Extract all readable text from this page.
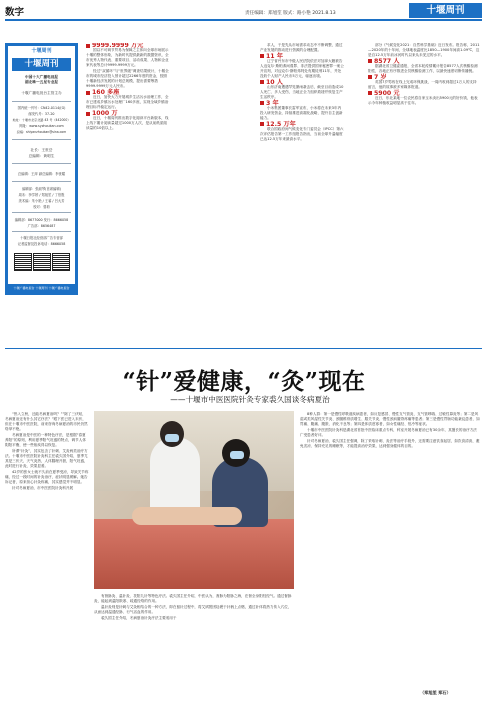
数字	责任编辑：郑旭笙 版式：路小艳 2021.8.13	十堰周刊
十堰周刊
十堰周刊
中国十大广播电视报
湖北唯一五星专业报
十堰广播电视台主管主办
国内统一刊号：CN42-0114/(G)
邮发代号：37-20
地址：十堰市北京北路 43 号（442000）
网址：www.syzhoukan.com
投稿：shiyanzhoukan@sina.com
社长：王世岳
总编辑：黄明生
总编辑：王萍 副总编辑：李世耀
编辑部：张淑琴(首席编辑)
周末：李学婷 / 郑旭笙 / 丁伯胜
美术编：朱小艳 / 王睿 / 吕大芳
校对：曾莉
编辑部：8677000 发行：8666058
广告部：8656487
十堰日报社经营部广告专营部
记者监督及投诉电话：8666058
十堰广播电视台 十堰周刊 十堰广播电视台
9999.9999 万元

国以不可调节贸易为保障之主体向全球市场展示十堰的整体形象，为新时代提供最新的数据资讯，全市优秀人物代表、重要项目、活动成果、人物和企业家代表等总计9999.9999万元。

经过“双循环”与“世界级”调查结果统计，十堰全市的城市经济投入预计超过2266年度的资金，按照十堰新经济发展的计划总规模，提出需要筹措9999.9999万元人民币。

160 多座

近日，加快大力开展城乡生活污水治理工作，全市已建成乡镇污水处理厂160多座，实现全域乡镇治理目标并稳定运行。

1000 万

近日，十堰周刊推出数字化阅读平台新版本，线上线下累计阅读量超过1000万人次，是从前纸质阅读量的10倍以上。

求人，于是先从市场需求动态中不断调整，通过产业发展的推动进行资源的合理配置。

11 年

辽宁省丹东市中级人民法院依法对加拿大籍被告人迈克尔·斯帕弗间谍罪、非法提供国家秘密罪一案公开宣判，对迈克尔·斯帕弗判处有期徒刑11年，并处没收个人财产人民币5万元，驱逐出境。

10 人

山东济南遭遇罕见暴雨袭击后，截至目前造成10人死亡、多人受伤，当地正全力组织救援并恢复生产生活秩序。

3 年

小米集团董事长雷军宣布，小米将在未来3年内投入研发资金，持续推进高端化战略，提升自主创新能力。

12.5 万年

联合国政府间气候变化专门委员会（IPCC）第六次评估报告第一工作组报告指出，当前全球升温幅度已达12.5万年来最高水平。

部分《气候变化2021：自然科学基础》近日发布。报告称，2011—2020年的十年间，全球地表温度比1850—1900年间高1.09℃，这是自12.5万年前冰河时代以来从未见过的水平。

8577 人

据湖北省卫健委通报，全省本轮疫情累计报告8577人次核酸检测阳性，各地正有序推进全员核酸检测工作，以最快速度切断传播链。

7 岁

英国7岁男孩在线上完成环保挑战，一周内收到超过1万人的支持留言，他的故事被多家媒体报道。

5900 元

近日，东北某地一位农民将自家玉米卖出5900元的好价钱，他表示今年种植收益明显高于往年。

“针”爱健康，“灸”现在
——十堰市中医医院针灸专家裘久国谈冬病夏治

“热入立秋，还能冬病夏治吗？”“除了三伏贴，冬病夏治还有什么其它疗法？”眼下医已进入末伏，但在十堰市中医医院，前来咨询冬病夏治的市民仍然络绎不绝。

冬病夏治是中医的一种特色疗法，是根据“春夏养阳”的原则，利用夏季阳气旺盛的特点，调节人体阴阳平衡，使一些宿疾得以恢复。

所谓“针灸”，其实包含了针刺、艾灸两类治疗方法。十堰市中医医院针灸科主任裘久国介绍，夏季尤其是三伏天，天气炎热，人体腠理开泄，阳气旺盛，此时进行针灸，效果显著。

42岁的张女士就不久前在夏季受凉，导致关节疼痛，经过一段时间的针灸治疗，症状明显缓解。她告诉记者，原来担心针灸疼痛，其实感觉并不明显。

针对冬病夏治，市中医医院针灸科开展

有督脉灸、温针灸、扶阳九针等特色疗法。裘久国主任介绍，中医认为，督脉为阳脉之海，在督全身阳经经气。通过督脉灸，能起到温阳散寒、疏通经络的作用。

温针灸则是针刺与艾灸相结合的一种方法，即在留针过程中，将艾绒搓团捻裹于针柄上点燃，通过针体将热力传入穴位，从而达到温通经脉、行气活血的作用。

裘久国主任介绍，冬病夏治针灸疗法主要适用于

8种人群：第一是慢性呼吸道疾病患者，如反复感冒、慢性支气管炎、支气管哮喘、过敏性鼻炎等；第二是风湿或类风湿性关节炎、颈腰椎骨质增生、膝关节炎、慢性颈肩腰背疼痛等患者；第三是慢性胃肠功能紊乱患者，如胃痛、腹痛、腹胀、消化不良等；第四是体质虚寒者，如女性痛经、怕冷等症状。

十堰市中医医院针灸科是湖北省首批中医临床重点专科，科室开展冬病夏治已有30余年，其擅长的治疗方法广受患者好评。

针对冬病夏治，裘久国主任强调，除了采取针刺、灸法等治疗手段外，还需要注意饮食起居，如饮食清淡、避免贪凉、保持充足的睡眠等，才能提高治疗效果，达到强身健体的目的。

（郑旭笙 郑石）
